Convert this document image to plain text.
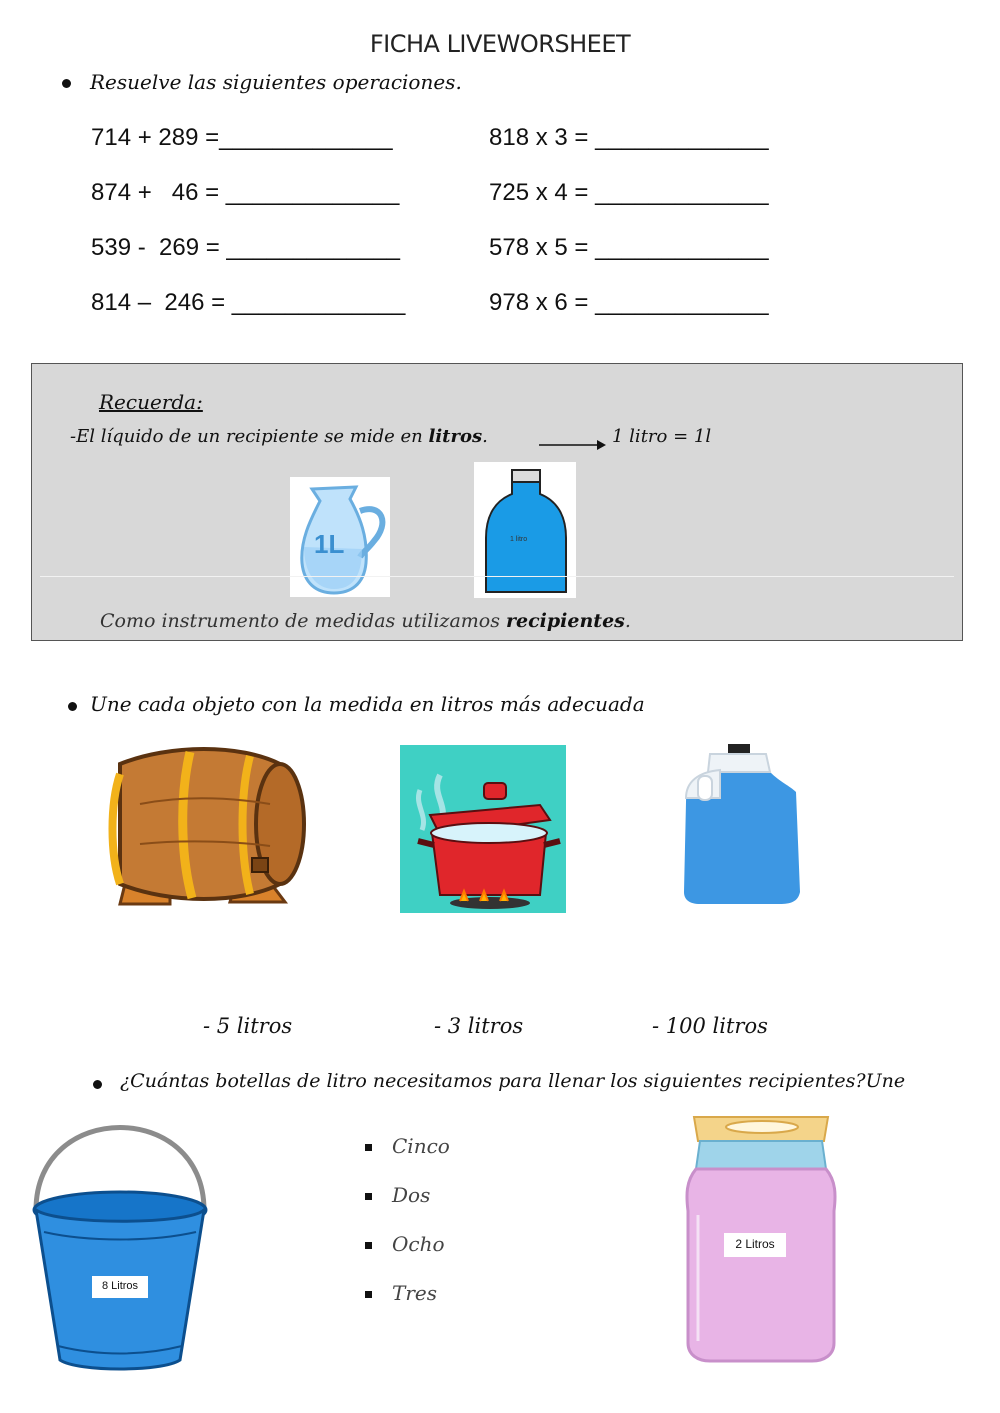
FICHA LIVEWORSHEET
Resuelve las siguientes operaciones.
714 + 289 =_____________
874 +   46 = _____________
539 -  269 = _____________
814 –  246 = _____________
818 x 3 = _____________
725 x 4 = _____________
578 x 5 = _____________
978 x 6 = _____________
Recuerda:
-El líquido de un recipiente se mide en litros.	1 litro = 1l
1L	1 litro
Como instrumento de medidas utilizamos recipientes.
Une cada objeto con la medida en litros más adecuada
- 5 litros	- 3 litros	- 100 litros
¿Cuántas botellas de litro necesitamos para llenar los siguientes recipientes?Une
8 Litros
Cinco
Dos
Ocho
Tres
2 Litros
